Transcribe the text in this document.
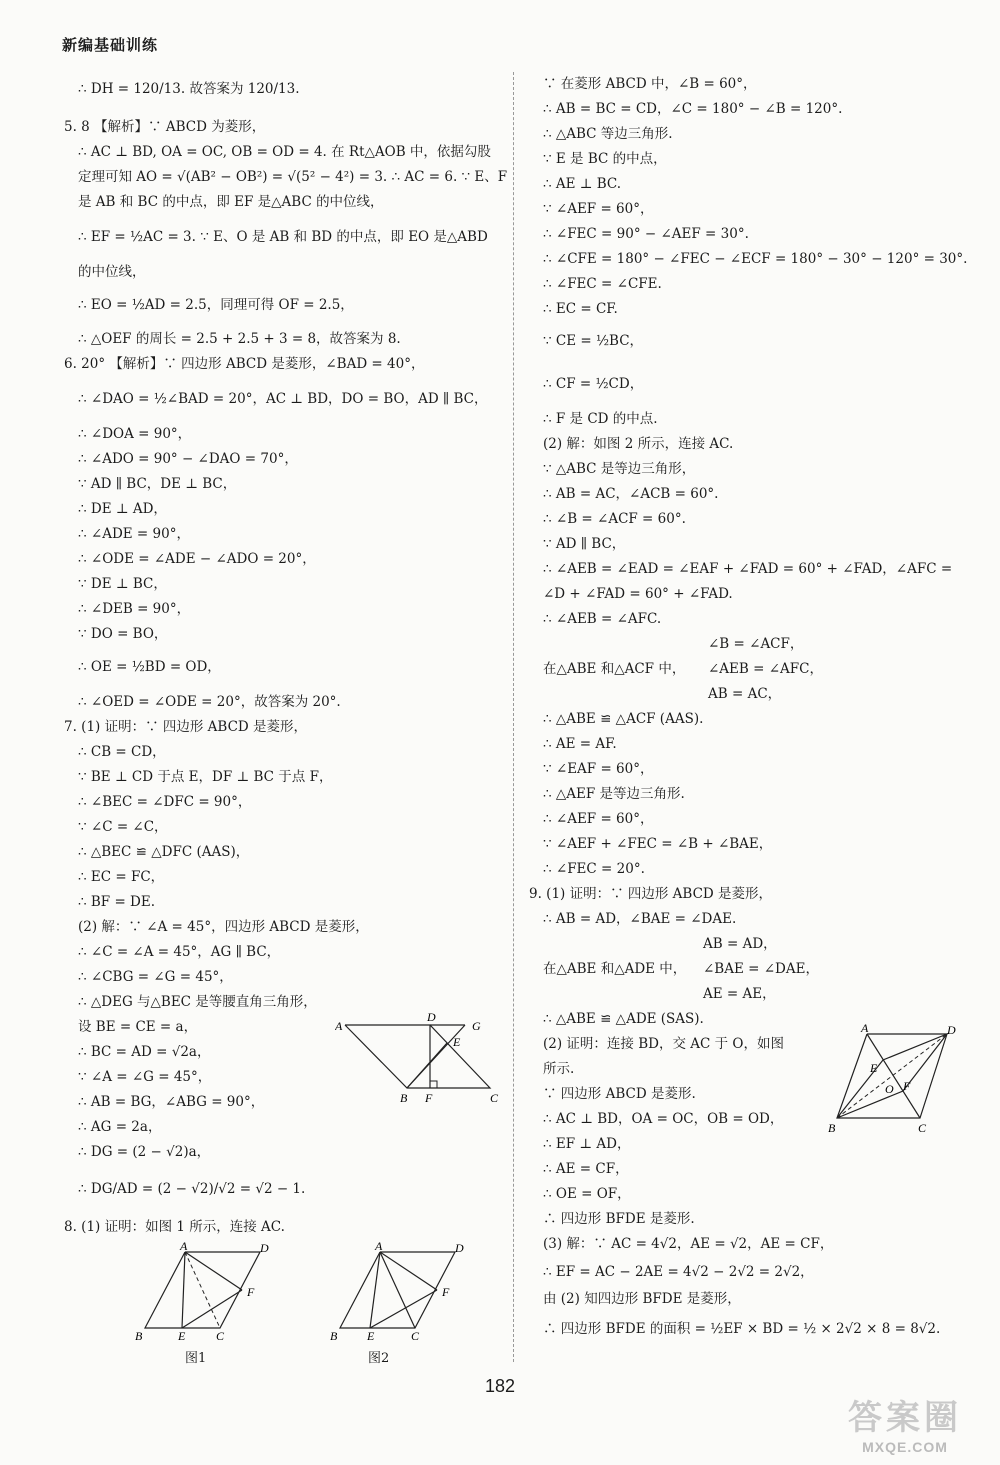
新编基础训练
∴ DH = 120/13. 故答案为 120/13.
5. 8 【解析】∵ ABCD 为菱形，
∴ AC ⊥ BD, OA = OC, OB = OD = 4. 在 Rt△AOB 中，依据勾股
定理可知 AO = √(AB² − OB²) = √(5² − 4²) = 3. ∴ AC = 6. ∵ E、F
是 AB 和 BC 的中点，即 EF 是△ABC 的中位线，
∴ EF = ½AC = 3. ∵ E、O 是 AB 和 BD 的中点，即 EO 是△ABD
的中位线，
∴ EO = ½AD = 2.5，同理可得 OF = 2.5，
∴ △OEF 的周长 = 2.5 + 2.5 + 3 = 8，故答案为 8.
6. 20° 【解析】∵ 四边形 ABCD 是菱形，∠BAD = 40°，
∴ ∠DAO = ½∠BAD = 20°，AC ⊥ BD，DO = BO，AD ∥ BC，
∴ ∠DOA = 90°，
∴ ∠ADO = 90° − ∠DAO = 70°，
∵ AD ∥ BC，DE ⊥ BC，
∴ DE ⊥ AD，
∴ ∠ADE = 90°，
∴ ∠ODE = ∠ADE − ∠ADO = 20°，
∵ DE ⊥ BC，
∴ ∠DEB = 90°，
∵ DO = BO，
∴ OE = ½BD = OD，
∴ ∠OED = ∠ODE = 20°，故答案为 20°.
7. (1) 证明：∵ 四边形 ABCD 是菱形，
∴ CB = CD，
∵ BE ⊥ CD 于点 E，DF ⊥ BC 于点 F，
∴ ∠BEC = ∠DFC = 90°，
∵ ∠C = ∠C，
∴ △BEC ≌ △DFC (AAS)，
∴ EC = FC，
∴ BF = DE.
(2) 解：∵ ∠A = 45°，四边形 ABCD 是菱形，
∴ ∠C = ∠A = 45°，AG ∥ BC，
∴ ∠CBG = ∠G = 45°，
∴ △DEG 与△BEC 是等腰直角三角形，
设 BE = CE = a，
∴ BC = AD = √2a，
∵ ∠A = ∠G = 45°，
∴ AB = BG，∠ABG = 90°，
∴ AG = 2a，
∴ DG = (2 − √2)a，
∴ DG/AD = (2 − √2)/√2 = √2 − 1.
8. (1) 证明：如图 1 所示，连接 AC.
∵ 在菱形 ABCD 中，∠B = 60°，
∴ AB = BC = CD，∠C = 180° − ∠B = 120°.
∴ △ABC 等边三角形.
∵ E 是 BC 的中点，
∴ AE ⊥ BC.
∵ ∠AEF = 60°，
∴ ∠FEC = 90° − ∠AEF = 30°.
∴ ∠CFE = 180° − ∠FEC − ∠ECF = 180° − 30° − 120° = 30°.
∴ ∠FEC = ∠CFE.
∴ EC = CF.
∵ CE = ½BC，
∴ CF = ½CD，
∴ F 是 CD 的中点.
(2) 解：如图 2 所示，连接 AC.
∵ △ABC 是等边三角形，
∴ AB = AC，∠ACB = 60°.
∴ ∠B = ∠ACF = 60°.
∵ AD ∥ BC，
∴ ∠AEB = ∠EAD = ∠EAF + ∠FAD = 60° + ∠FAD，∠AFC =
∠D + ∠FAD = 60° + ∠FAD.
∴ ∠AEB = ∠AFC.
∠B = ∠ACF，
在△ABE 和△ACF 中， ∠AEB = ∠AFC，
AB = AC，
∴ △ABE ≌ △ACF (AAS).
∴ AE = AF.
∵ ∠EAF = 60°，
∴ △AEF 是等边三角形.
∴ ∠AEF = 60°，
∵ ∠AEF + ∠FEC = ∠B + ∠BAE，
∴ ∠FEC = 20°.
9. (1) 证明：∵ 四边形 ABCD 是菱形，
∴ AB = AD，∠BAE = ∠DAE.
AB = AD，
在△ABE 和△ADE 中， ∠BAE = ∠DAE，
AE = AE，
∴ △ABE ≌ △ADE (SAS).
(2) 证明：连接 BD，交 AC 于 O，如图
所示.
∵ 四边形 ABCD 是菱形.
∴ AC ⊥ BD，OA = OC，OB = OD，
∴ EF ⊥ AD，
∴ AE = CF，
∴ OE = OF，
∴ 四边形 BFDE 是菱形.
(3) 解：∵ AC = 4√2，AE = √2，AE = CF，
∴ EF = AC − 2AE = 4√2 − 2√2 = 2√2，
由 (2) 知四边形 BFDE 是菱形，
∴ 四边形 BFDE 的面积 = ½EF × BD = ½ × 2√2 × 8 = 8√2.
A
D
G
E
B F	C
A	D
F
B	E	C
图1
A	D
F
B E	C
图2
A	D
E
O F
B	C
182
答案圈
MXQE.COM
